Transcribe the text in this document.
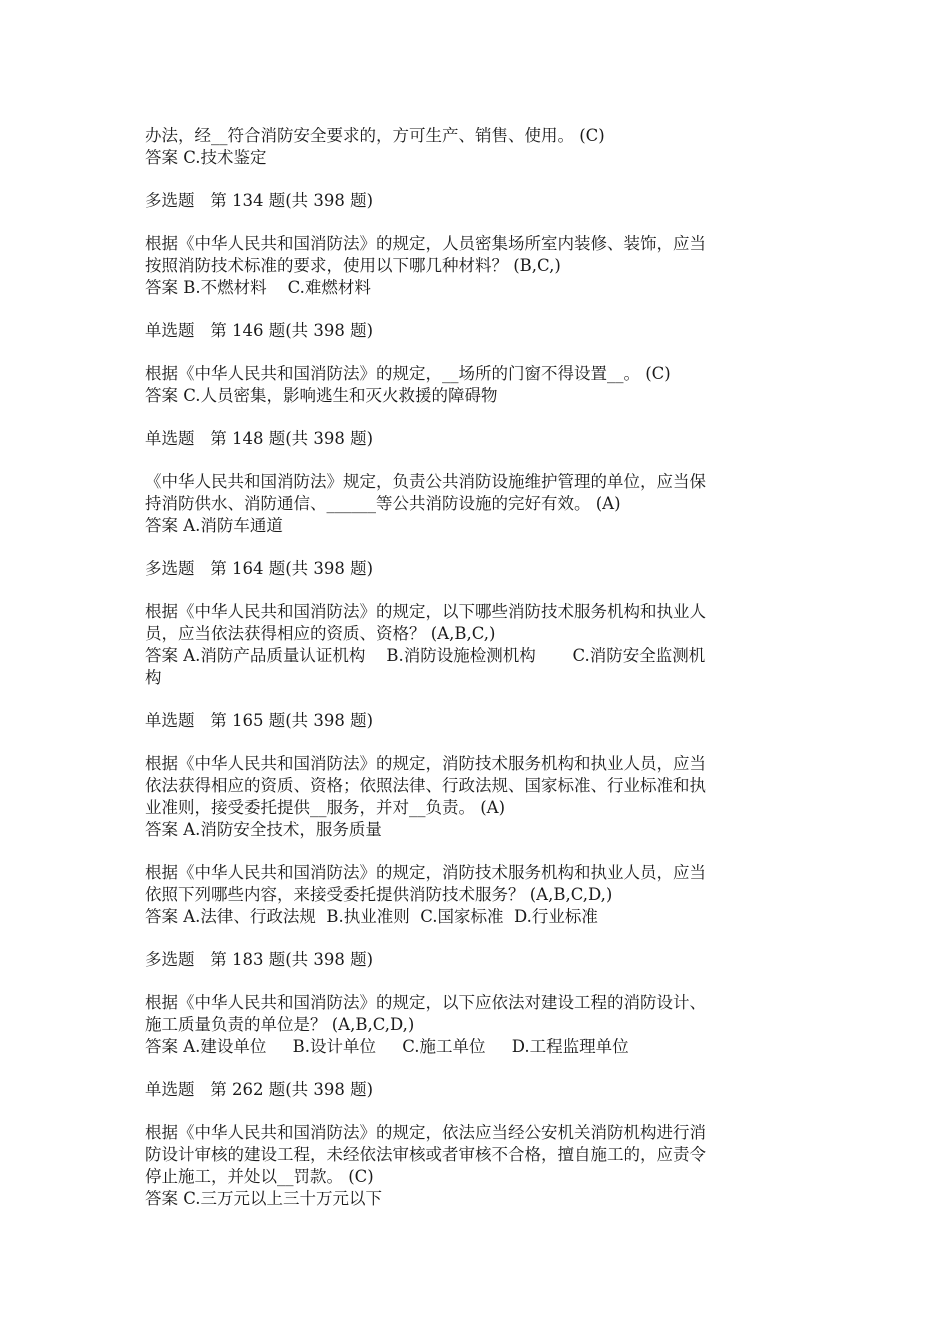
办法，经__符合消防安全要求的，方可生产、销售、使用。 (C)
答案 C.技术鉴定
多选题   第 134 题(共 398 题)
根据《中华人民共和国消防法》的规定，人员密集场所室内装修、装饰，应当
按照消防技术标准的要求，使用以下哪几种材料？ (B,C,)
答案 B.不燃材料    C.难燃材料
单选题   第 146 题(共 398 题)
根据《中华人民共和国消防法》的规定，__场所的门窗不得设置__。 (C)
答案 C.人员密集，影响逃生和灭火救援的障碍物
单选题   第 148 题(共 398 题)
《中华人民共和国消防法》规定，负责公共消防设施维护管理的单位，应当保
持消防供水、消防通信、______等公共消防设施的完好有效。 (A)
答案 A.消防车通道
多选题   第 164 题(共 398 题)
根据《中华人民共和国消防法》的规定，以下哪些消防技术服务机构和执业人
员，应当依法获得相应的资质、资格？ (A,B,C,)
答案 A.消防产品质量认证机构    B.消防设施检测机构       C.消防安全监测机
构
单选题   第 165 题(共 398 题)
根据《中华人民共和国消防法》的规定，消防技术服务机构和执业人员，应当
依法获得相应的资质、资格；依照法律、行政法规、国家标准、行业标准和执
业准则，接受委托提供__服务，并对__负责。 (A)
答案 A.消防安全技术，服务质量
根据《中华人民共和国消防法》的规定，消防技术服务机构和执业人员，应当
依照下列哪些内容，来接受委托提供消防技术服务？ (A,B,C,D,)
答案 A.法律、行政法规  B.执业准则  C.国家标准  D.行业标准
多选题   第 183 题(共 398 题)
根据《中华人民共和国消防法》的规定，以下应依法对建设工程的消防设计、
施工质量负责的单位是？ (A,B,C,D,)
答案 A.建设单位     B.设计单位     C.施工单位     D.工程监理单位
单选题   第 262 题(共 398 题)
根据《中华人民共和国消防法》的规定，依法应当经公安机关消防机构进行消
防设计审核的建设工程，未经依法审核或者审核不合格，擅自施工的，应责令
停止施工，并处以__罚款。 (C)
答案 C.三万元以上三十万元以下
